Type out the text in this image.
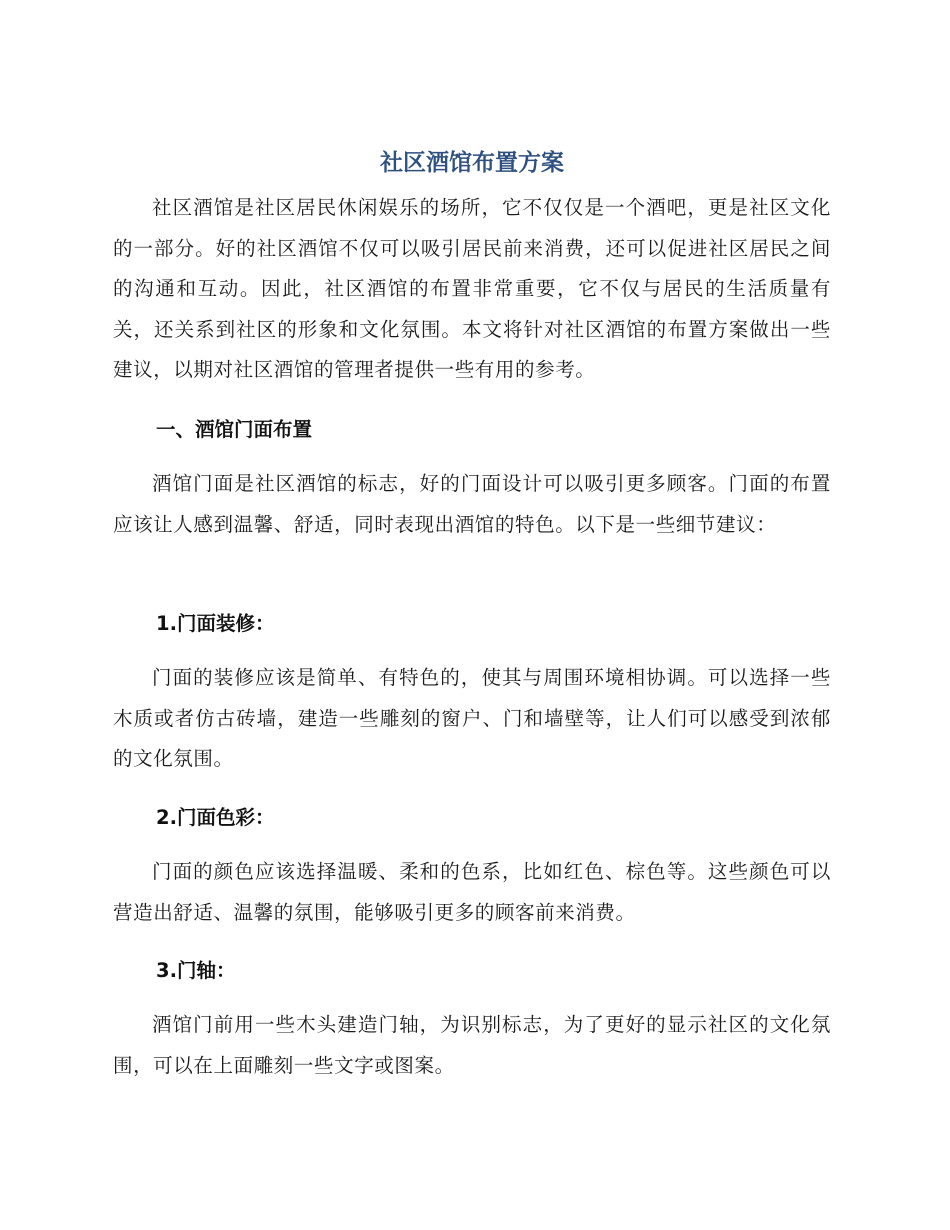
社区酒馆布置方案

社区酒馆是社区居民休闲娱乐的场所，它不仅仅是一个酒吧，更是社区文化的一部分。好的社区酒馆不仅可以吸引居民前来消费，还可以促进社区居民之间的沟通和互动。因此，社区酒馆的布置非常重要，它不仅与居民的生活质量有关，还关系到社区的形象和文化氛围。本文将针对社区酒馆的布置方案做出一些建议，以期对社区酒馆的管理者提供一些有用的参考。

一、酒馆门面布置

酒馆门面是社区酒馆的标志，好的门面设计可以吸引更多顾客。门面的布置应该让人感到温馨、舒适，同时表现出酒馆的特色。以下是一些细节建议：

1.门面装修：

门面的装修应该是简单、有特色的，使其与周围环境相协调。可以选择一些木质或者仿古砖墙，建造一些雕刻的窗户、门和墙壁等，让人们可以感受到浓郁的文化氛围。

2.门面色彩：

门面的颜色应该选择温暖、柔和的色系，比如红色、棕色等。这些颜色可以营造出舒适、温馨的氛围，能够吸引更多的顾客前来消费。

3.门轴：

酒馆门前用一些木头建造门轴，为识别标志，为了更好的显示社区的文化氛围，可以在上面雕刻一些文字或图案。
